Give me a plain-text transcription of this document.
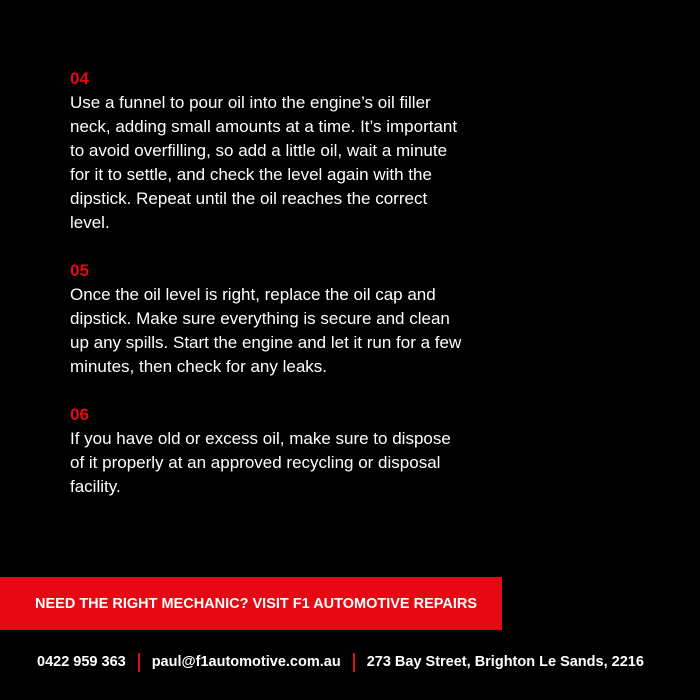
04
Use a funnel to pour oil into the engine’s oil filler
neck, adding small amounts at a time. It’s important
to avoid overfilling, so add a little oil, wait a minute
for it to settle, and check the level again with the
dipstick. Repeat until the oil reaches the correct
level.
05
Once the oil level is right, replace the oil cap and
dipstick. Make sure everything is secure and clean
up any spills. Start the engine and let it run for a few
minutes, then check for any leaks.
06
If you have old or excess oil, make sure to dispose
of it properly at an approved recycling or disposal
facility.
NEED THE RIGHT MECHANIC? VISIT F1 AUTOMOTIVE REPAIRS
0422 959 363 paul@f1automotive.com.au 273 Bay Street, Brighton Le Sands, 2216
